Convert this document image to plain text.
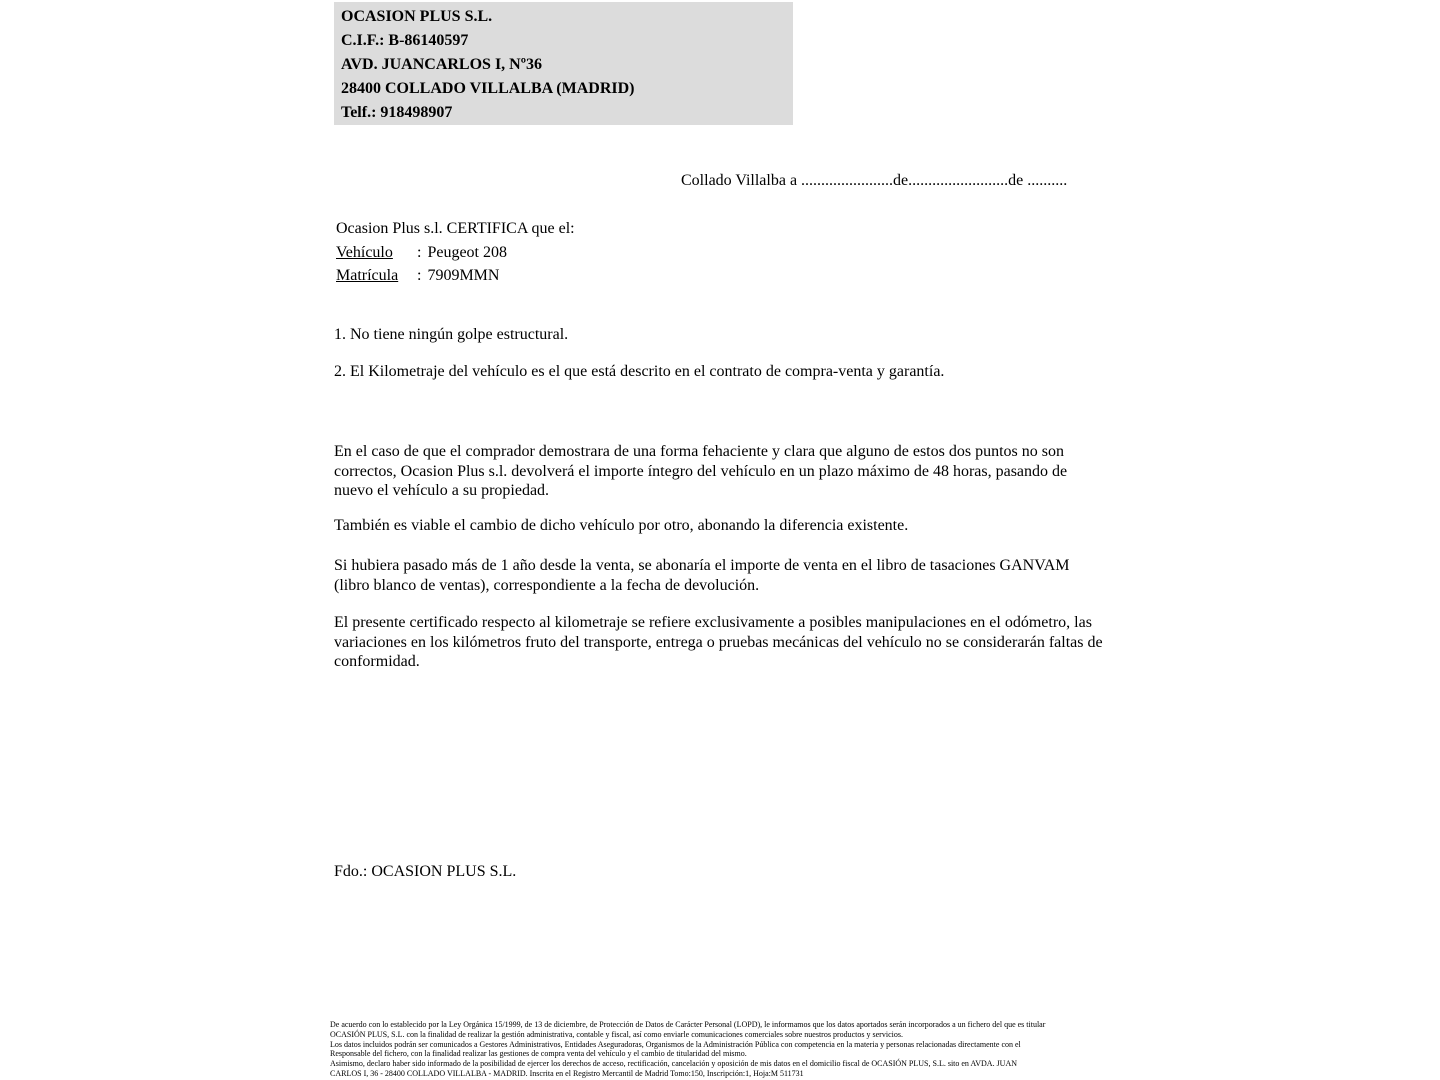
OCASION PLUS S.L.
C.I.F.: B-86140597
AVD. JUANCARLOS I, Nº36
28400 COLLADO VILLALBA (MADRID)
Telf.: 918498907
Collado Villalba a .......................de.........................de ..........
Ocasion Plus s.l. CERTIFICA que el:
Vehículo : Peugeot 208
Matrícula : 7909MMN
1. No tiene ningún golpe estructural.
2. El Kilometraje del vehículo es el que está descrito en el contrato de compra-venta y garantía.
En el caso de que el comprador demostrara de una forma fehaciente y clara que alguno de estos dos puntos no son correctos, Ocasion Plus s.l. devolverá el importe íntegro del vehículo en un plazo máximo de 48 horas, pasando de nuevo el vehículo a su propiedad.
También es viable el cambio de dicho vehículo por otro, abonando la diferencia existente.
Si hubiera pasado más de 1 año desde la venta, se abonaría el importe de venta en el libro de tasaciones GANVAM (libro blanco de ventas), correspondiente a la fecha de devolución.
El presente certificado respecto al kilometraje se refiere exclusivamente a posibles manipulaciones en el odómetro, las variaciones en los kilómetros fruto del transporte, entrega o pruebas mecánicas del vehículo no se considerarán faltas de conformidad.
Fdo.: OCASION PLUS S.L.
De acuerdo con lo establecido por la Ley Orgánica 15/1999, de 13 de diciembre, de Protección de Datos de Carácter Personal (LOPD), le informamos que los datos aportados serán incorporados a un fichero del que es titular
OCASIÓN PLUS, S.L. con la finalidad de realizar la gestión administrativa, contable y fiscal, así como enviarle comunicaciones comerciales sobre nuestros productos y servicios.
Los datos incluidos podrán ser comunicados a Gestores Administrativos, Entidades Aseguradoras, Organismos de la Administración Pública con competencia en la materia y personas relacionadas directamente con el
Responsable del fichero, con la finalidad realizar las gestiones de compra venta del vehículo y el cambio de titularidad del mismo.
Asimismo, declaro haber sido informado de la posibilidad de ejercer los derechos de acceso, rectificación, cancelación y oposición de mis datos en el domicilio fiscal de OCASIÓN PLUS, S.L. sito en AVDA. JUAN
CARLOS I, 36 - 28400 COLLADO VILLALBA - MADRID. Inscrita en el Registro Mercantil de Madrid Tomo:150, Inscripción:1, Hoja:M 511731
